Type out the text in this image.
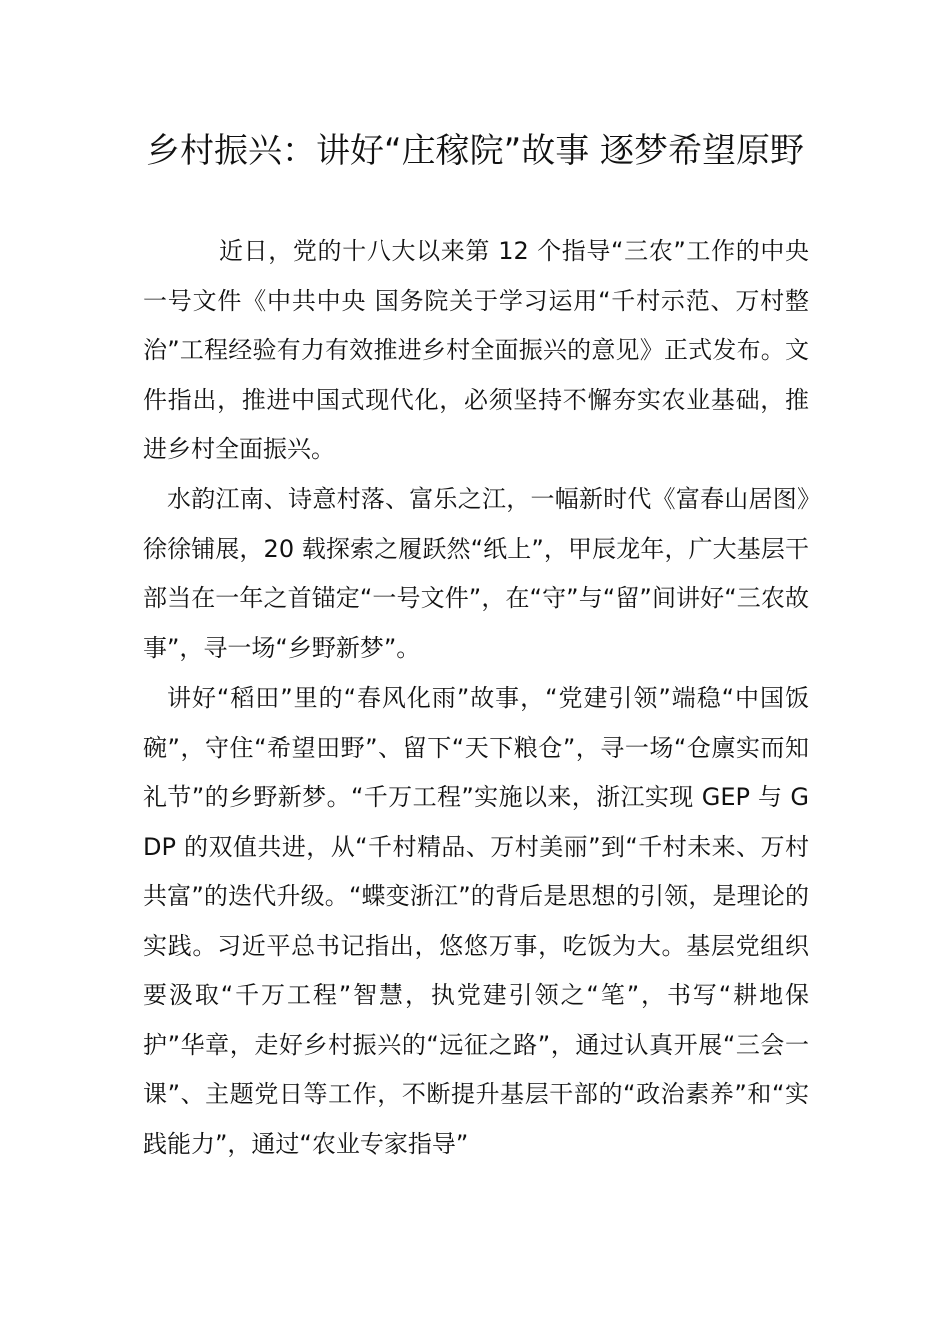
乡村振兴：讲好“庄稼院”故事 逐梦希望原野

近日，党的十八大以来第 12 个指导“三农”工作的中央一号文件《中共中央 国务院关于学习运用“千村示范、万村整治”工程经验有力有效推进乡村全面振兴的意见》正式发布。文件指出，推进中国式现代化，必须坚持不懈夯实农业基础，推进乡村全面振兴。

水韵江南、诗意村落、富乐之江，一幅新时代《富春山居图》徐徐铺展，20 载探索之履跃然“纸上”，甲辰龙年，广大基层干部当在一年之首锚定“一号文件”，在“守”与“留”间讲好“三农故事”，寻一场“乡野新梦”。

讲好“稻田”里的“春风化雨”故事，“党建引领”端稳“中国饭碗”，守住“希望田野”、留下“天下粮仓”，寻一场“仓廪实而知礼节”的乡野新梦。“千万工程”实施以来，浙江实现 GEP 与 GDP 的双值共进，从“千村精品、万村美丽”到“千村未来、万村共富”的迭代升级。“蝶变浙江”的背后是思想的引领，是理论的实践。习近平总书记指出，悠悠万事，吃饭为大。基层党组织要汲取“千万工程”智慧，执党建引领之“笔”，书写“耕地保护”华章，走好乡村振兴的“远征之路”，通过认真开展“三会一课”、主题党日等工作，不断提升基层干部的“政治素养”和“实践能力”，通过“农业专家指导”
